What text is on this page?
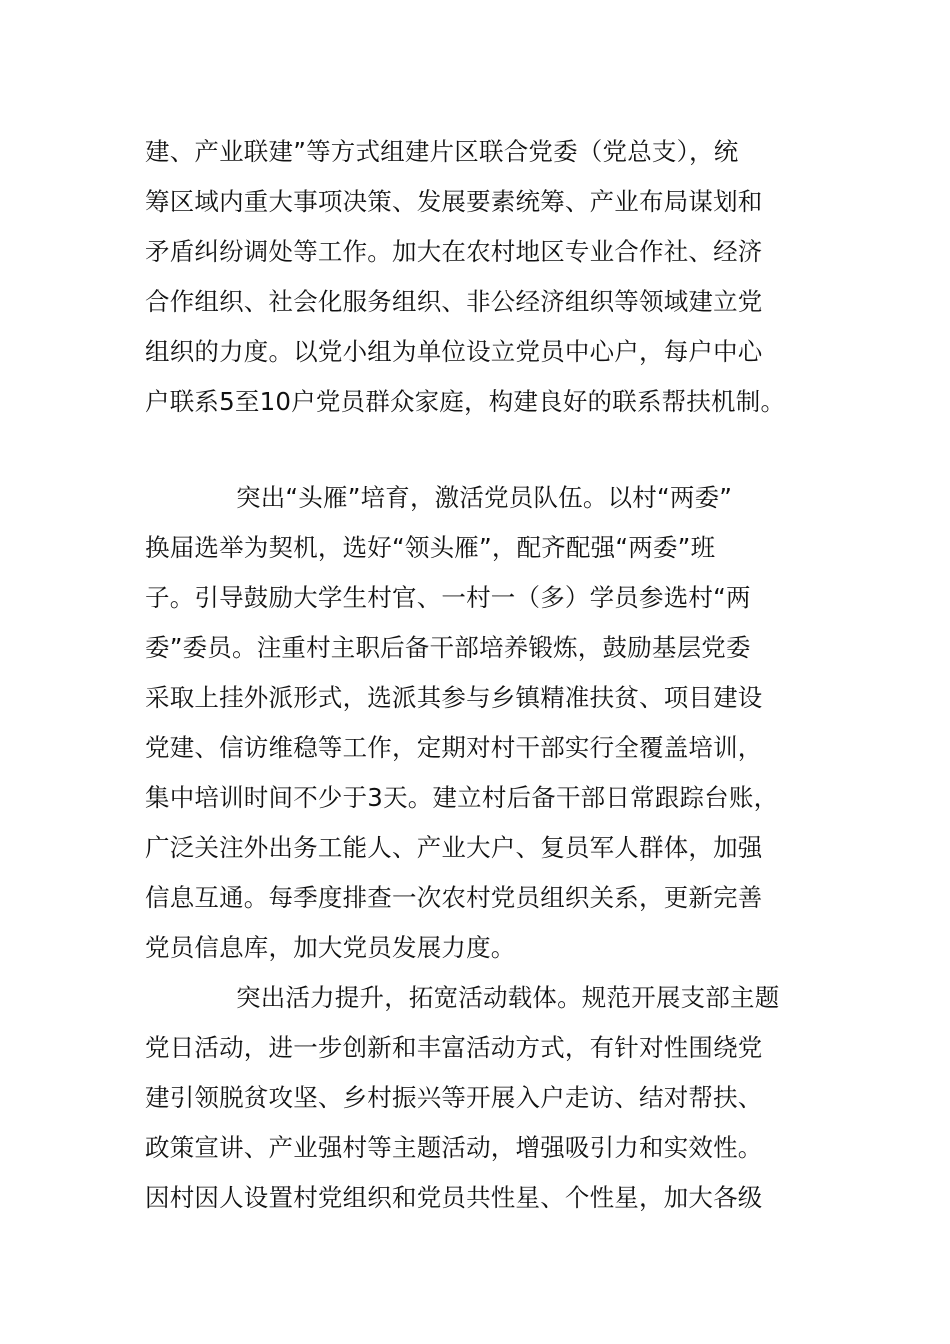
建、产业联建”等方式组建片区联合党委（党总支），统
筹区域内重大事项决策、发展要素统筹、产业布局谋划和
矛盾纠纷调处等工作。加大在农村地区专业合作社、经济
合作组织、社会化服务组织、非公经济组织等领域建立党
组织的力度。以党小组为单位设立党员中心户，每户中心
户联系5至10户党员群众家庭，构建良好的联系帮扶机制。
突出“头雁”培育，激活党员队伍。以村“两委”
换届选举为契机，选好“领头雁”，配齐配强“两委”班
子。引导鼓励大学生村官、一村一（多）学员参选村“两
委”委员。注重村主职后备干部培养锻炼，鼓励基层党委
采取上挂外派形式，选派其参与乡镇精准扶贫、项目建设
党建、信访维稳等工作，定期对村干部实行全覆盖培训，
集中培训时间不少于3天。建立村后备干部日常跟踪台账，
广泛关注外出务工能人、产业大户、复员军人群体，加强
信息互通。每季度排查一次农村党员组织关系，更新完善
党员信息库，加大党员发展力度。
突出活力提升，拓宽活动载体。规范开展支部主题
党日活动，进一步创新和丰富活动方式，有针对性围绕党
建引领脱贫攻坚、乡村振兴等开展入户走访、结对帮扶、
政策宣讲、产业强村等主题活动，增强吸引力和实效性。
因村因人设置村党组织和党员共性星、个性星，加大各级
